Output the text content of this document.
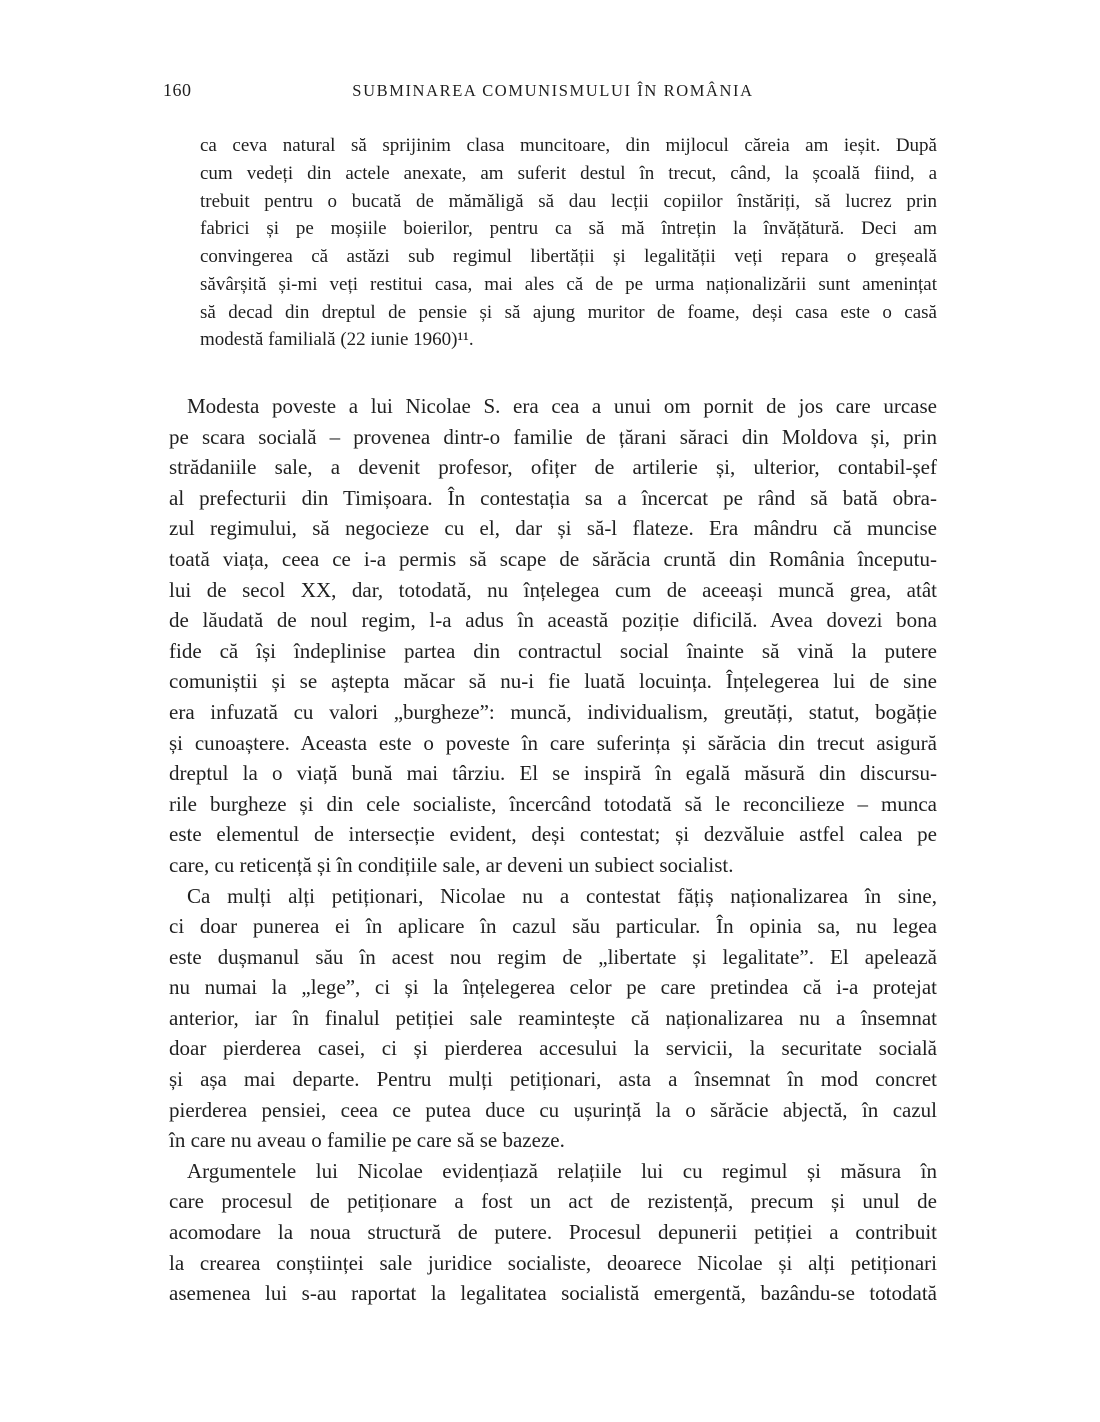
160	SUBMINAREA COMUNISMULUI ÎN ROMÂNIA
ca ceva natural să sprijinim clasa muncitoare, din mijlocul căreia am ieșit. După
cum vedeți din actele anexate, am suferit destul în trecut, când, la școală fiind, a
trebuit pentru o bucată de mămăligă să dau lecții copiilor înstăriți, să lucrez prin
fabrici și pe moșiile boierilor, pentru ca să mă întrețin la învățătură. Deci am
convingerea că astăzi sub regimul libertății și legalității veți repara o greșeală
săvârșită și-mi veți restitui casa, mai ales că de pe urma naționalizării sunt amenințat
să decad din dreptul de pensie și să ajung muritor de foame, deși casa este o casă
modestă familială (22 iunie 1960)¹¹.
Modesta poveste a lui Nicolae S. era cea a unui om pornit de jos care urcase
pe scara socială – provenea dintr-o familie de țărani săraci din Moldova și, prin
strădaniile sale, a devenit profesor, ofițer de artilerie și, ulterior, contabil-șef
al prefecturii din Timișoara. În contestația sa a încercat pe rând să bată obra-
zul regimului, să negocieze cu el, dar și să-l flateze. Era mândru că muncise
toată viața, ceea ce i-a permis să scape de sărăcia cruntă din România începutu-
lui de secol XX, dar, totodată, nu înțelegea cum de aceeași muncă grea, atât
de lăudată de noul regim, l-a adus în această poziție dificilă. Avea dovezi bona
fide că își îndeplinise partea din contractul social înainte să vină la putere
comuniștii și se aștepta măcar să nu-i fie luată locuința. Înțelegerea lui de sine
era infuzată cu valori „burgheze”: muncă, individualism, greutăți, statut, bogăție
și cunoaștere. Aceasta este o poveste în care suferința și sărăcia din trecut asigură
dreptul la o viață bună mai târziu. El se inspiră în egală măsură din discursu-
rile burgheze și din cele socialiste, încercând totodată să le reconcilieze – munca
este elementul de intersecție evident, deși contestat; și dezvăluie astfel calea pe
care, cu reticență și în condițiile sale, ar deveni un subiect socialist.
Ca mulți alți petiționari, Nicolae nu a contestat fățiș naționalizarea în sine,
ci doar punerea ei în aplicare în cazul său particular. În opinia sa, nu legea
este dușmanul său în acest nou regim de „libertate și legalitate”. El apelează
nu numai la „lege”, ci și la înțelegerea celor pe care pretindea că i-a protejat
anterior, iar în finalul petiției sale reamintește că naționalizarea nu a însemnat
doar pierderea casei, ci și pierderea accesului la servicii, la securitate socială
și așa mai departe. Pentru mulți petiționari, asta a însemnat în mod concret
pierderea pensiei, ceea ce putea duce cu ușurință la o sărăcie abjectă, în cazul
în care nu aveau o familie pe care să se bazeze.
Argumentele lui Nicolae evidențiază relațiile lui cu regimul și măsura în
care procesul de petiționare a fost un act de rezistență, precum și unul de
acomodare la noua structură de putere. Procesul depunerii petiției a contribuit
la crearea conștiinței sale juridice socialiste, deoarece Nicolae și alți petiționari
asemenea lui s-au raportat la legalitatea socialistă emergentă, bazându-se totodată
